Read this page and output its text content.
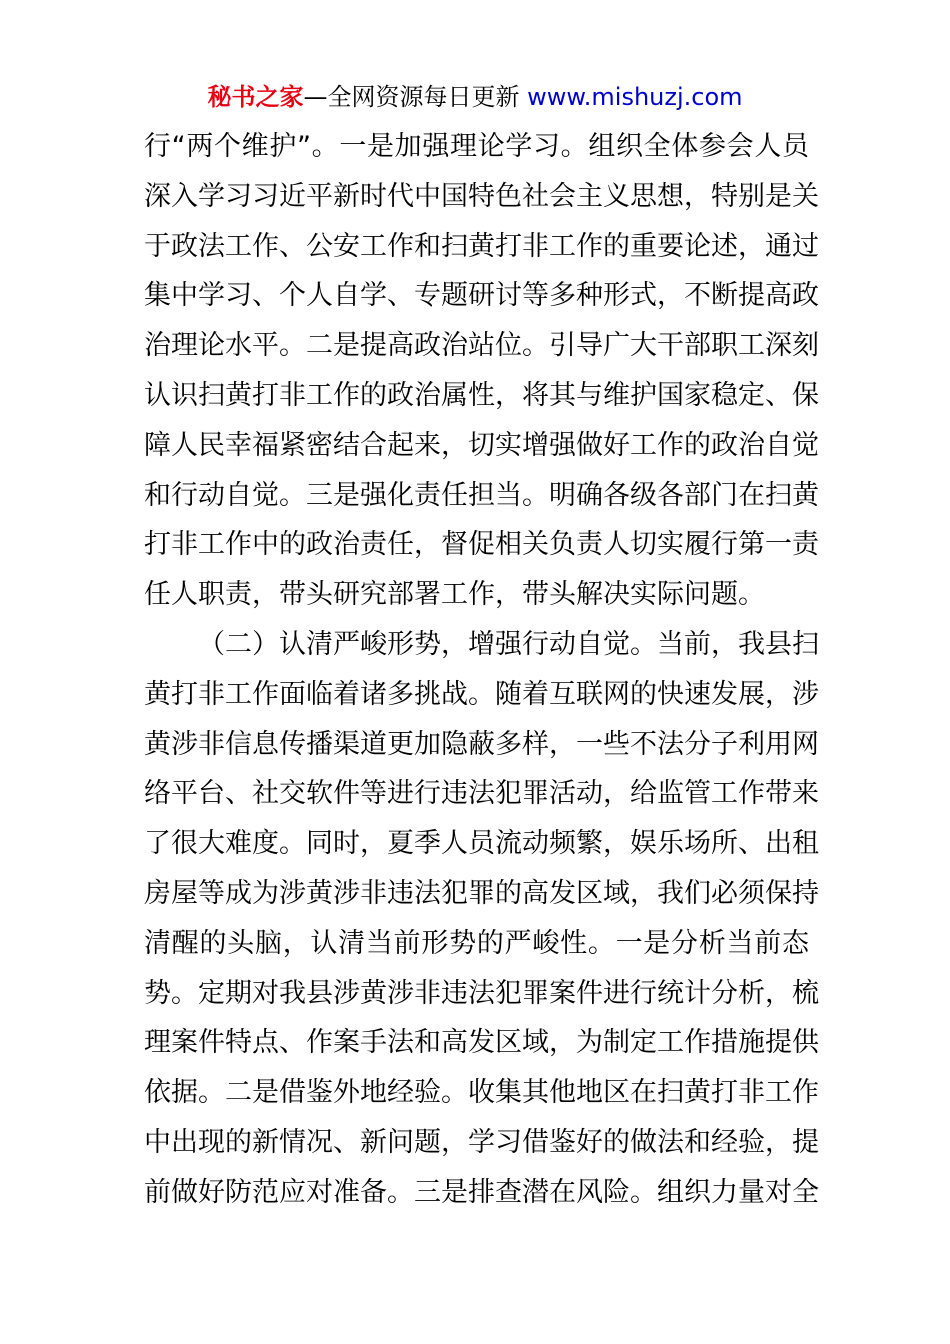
秘书之家—全网资源每日更新 www.mishuzj.com
行“两个维护”。一是加强理论学习。组织全体参会人员
深入学习习近平新时代中国特色社会主义思想，特别是关
于政法工作、公安工作和扫黄打非工作的重要论述，通过
集中学习、个人自学、专题研讨等多种形式，不断提高政
治理论水平。二是提高政治站位。引导广大干部职工深刻
认识扫黄打非工作的政治属性，将其与维护国家稳定、保
障人民幸福紧密结合起来，切实增强做好工作的政治自觉
和行动自觉。三是强化责任担当。明确各级各部门在扫黄
打非工作中的政治责任，督促相关负责人切实履行第一责
任人职责，带头研究部署工作，带头解决实际问题。
（二）认清严峻形势，增强行动自觉。当前，我县扫
黄打非工作面临着诸多挑战。随着互联网的快速发展，涉
黄涉非信息传播渠道更加隐蔽多样，一些不法分子利用网
络平台、社交软件等进行违法犯罪活动，给监管工作带来
了很大难度。同时，夏季人员流动频繁，娱乐场所、出租
房屋等成为涉黄涉非违法犯罪的高发区域，我们必须保持
清醒的头脑，认清当前形势的严峻性。一是分析当前态
势。定期对我县涉黄涉非违法犯罪案件进行统计分析，梳
理案件特点、作案手法和高发区域，为制定工作措施提供
依据。二是借鉴外地经验。收集其他地区在扫黄打非工作
中出现的新情况、新问题，学习借鉴好的做法和经验，提
前做好防范应对准备。三是排查潜在风险。组织力量对全
